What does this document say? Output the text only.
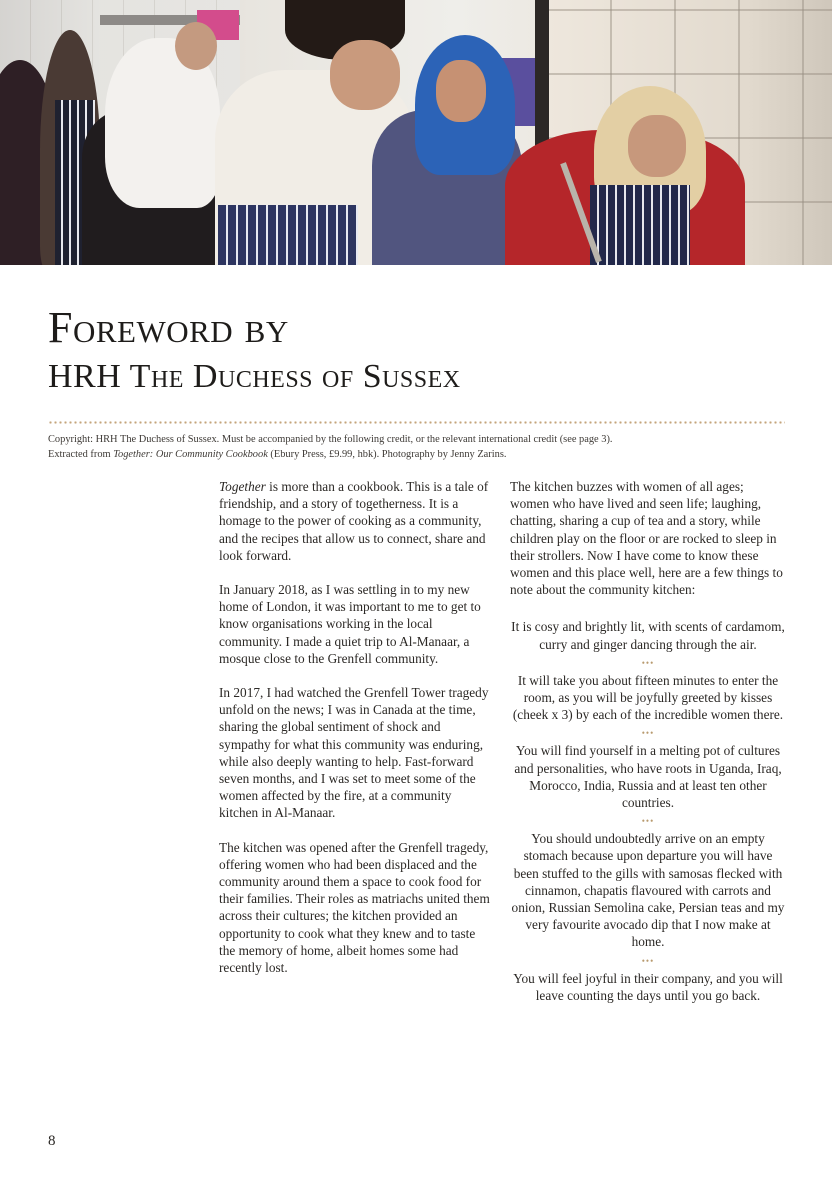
Foreword by
HRH The Duchess of Sussex
Copyright: HRH The Duchess of Sussex. Must be accompanied by the following credit, or the relevant international credit (see page 3).
Extracted from Together: Our Community Cookbook (Ebury Press, £9.99, hbk). Photography by Jenny Zarins.

Together is more than a cookbook. This is a tale of friendship, and a story of togetherness. It is a homage to the power of cooking as a community, and the recipes that allow us to connect, share and look forward.

In January 2018, as I was settling in to my new home of London, it was important to me to get to know organisations working in the local community. I made a quiet trip to Al-Manaar, a mosque close to the Grenfell community.

In 2017, I had watched the Grenfell Tower tragedy unfold on the news; I was in Canada at the time, sharing the global sentiment of shock and sympathy for what this community was enduring, while also deeply wanting to help. Fast-forward seven months, and I was set to meet some of the women affected by the fire, at a community kitchen in Al-Manaar.

The kitchen was opened after the Grenfell tragedy, offering women who had been displaced and the community around them a space to cook food for their families. Their roles as matriachs united them across their cultures; the kitchen provided an opportunity to cook what they knew and to taste the memory of home, albeit homes some had recently lost.

The kitchen buzzes with women of all ages; women who have lived and seen life; laughing, chatting, sharing a cup of tea and a story, while children play on the floor or are rocked to sleep in their strollers. Now I have come to know these women and this place well, here are a few things to note about the community kitchen:

It is cosy and brightly lit, with scents of cardamom, curry and ginger dancing through the air.

•••

It will take you about fifteen minutes to enter the room, as you will be joyfully greeted by kisses (cheek x 3) by each of the incredible women there.

•••

You will find yourself in a melting pot of cultures and personalities, who have roots in Uganda, Iraq, Morocco, India, Russia and at least ten other countries.

•••

You should undoubtedly arrive on an empty stomach because upon departure you will have been stuffed to the gills with samosas flecked with cinnamon, chapatis flavoured with carrots and onion, Russian Semolina cake, Persian teas and my very favourite avocado dip that I now make at home.

•••

You will feel joyful in their company, and you will leave counting the days until you go back.

8
